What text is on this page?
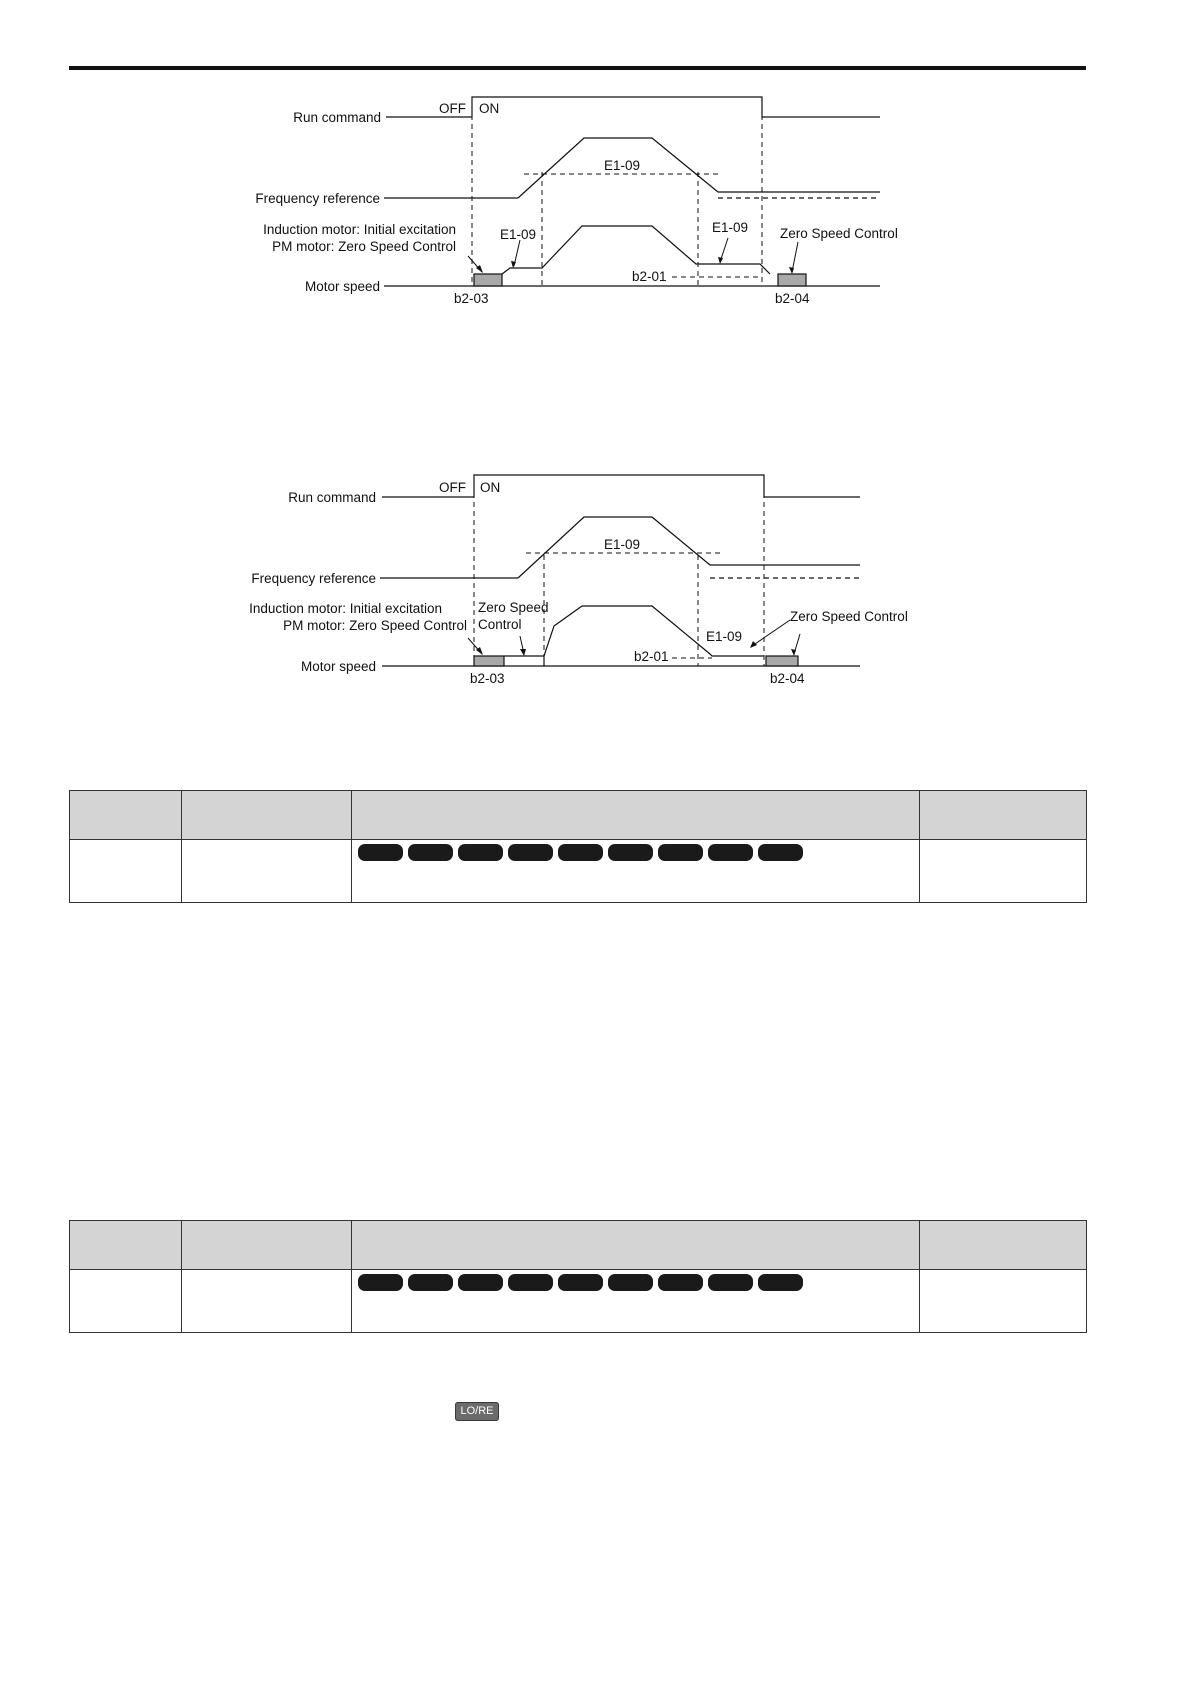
Run command
OFF ON
Frequency reference
E1-09
Induction motor: Initial excitation
PM motor: Zero Speed Control
E1-09	E1-09 Zero Speed Control
b2-01
Motor speed
b2-03	b2-04
Run command
OFF ON
Frequency reference
E1-09
Induction motor: Initial excitation
PM motor: Zero Speed Control
Zero Speed
Control
E1-09
Zero Speed Control
b2-01
Motor speed
b2-03	b2-04

LO/RE
